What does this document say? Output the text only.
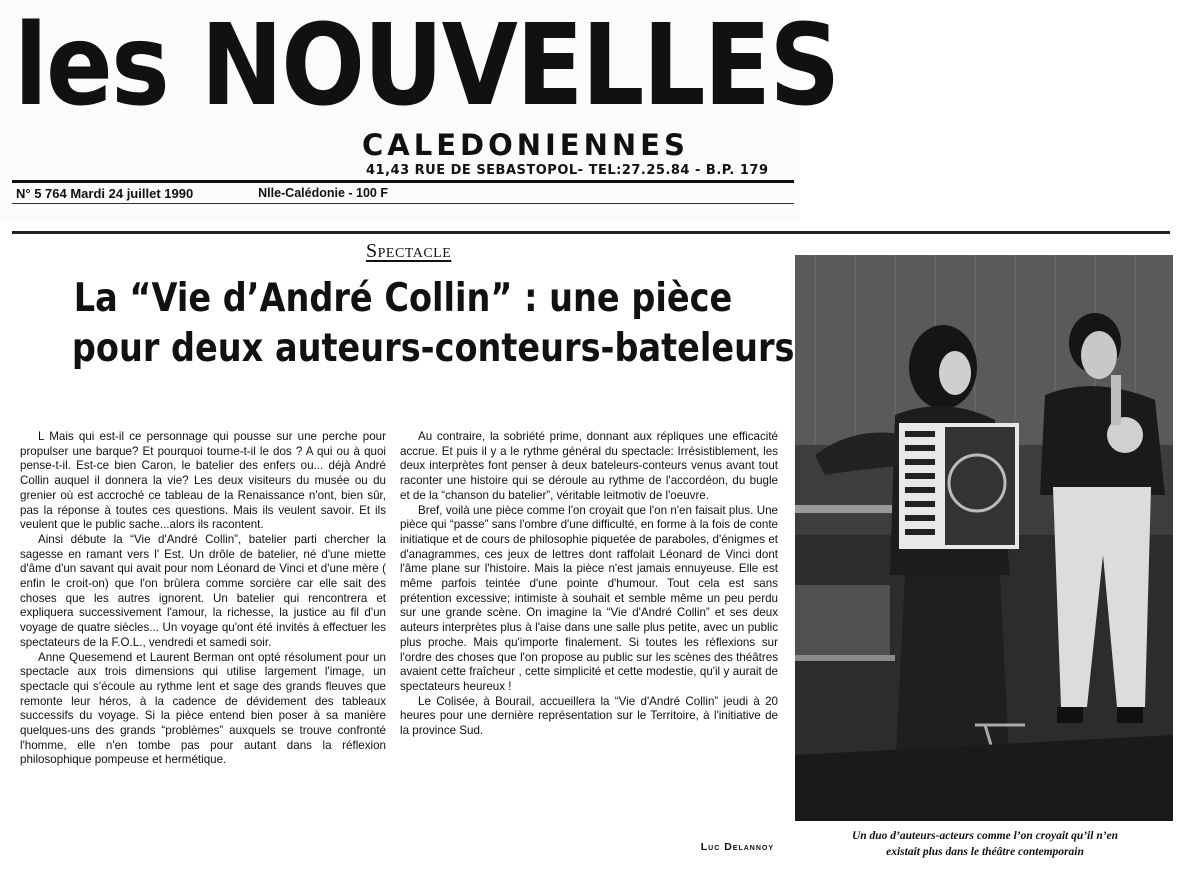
les NOUVELLES
CALEDONIENNES
41,43 RUE DE SEBASTOPOL- TEL:27.25.84 - B.P. 179
N° 5 764 Mardi 24 juillet 1990	Nlle-Calédonie - 100 F
Spectacle
La “Vie d’André Collin” : une pièce
pour deux auteurs-conteurs-bateleurs

L Mais qui est-il ce personnage qui pousse sur une perche pour propulser une barque? Et pourquoi tourne-t-il le dos ? A qui ou à quoi pense-t-il. Est-ce bien Caron, le batelier des enfers ou... déjà André Collin auquel il donnera la vie? Les deux visiteurs du musée ou du grenier où est accroché ce tableau de la Renaissance n'ont, bien sûr, pas la réponse à toutes ces questions. Mais ils veulent savoir. Et ils veulent que le public sache...alors ils racontent.

Ainsi débute la “Vie d'André Collin”, batelier parti chercher la sagesse en ramant vers l' Est. Un drôle de batelier, né d'une miette d'âme d'un savant qui avait pour nom Léonard de Vinci et d'une mère ( enfin le croit-on) que l'on brûlera comme sorcière car elle sait des choses que les autres ignorent. Un batelier qui rencontrera et expliquera successivement l'amour, la richesse, la justice au fil d'un voyage de quatre siècles... Un voyage qu'ont été invités à effectuer les spectateurs de la F.O.L., vendredi et samedi soir.

Anne Quesemend et Laurent Berman ont opté résolument pour un spectacle aux trois dimensions qui utilise largement l'image, un spectacle qui s'écoule au rythme lent et sage des grands fleuves que remonte leur héros, à la cadence de dévidement des tableaux successifs du voyage. Si la pièce entend bien poser à sa manière quelques-uns des grands “problèmes” auxquels se trouve confronté l'homme, elle n'en tombe pas pour autant dans la réflexion philosophique pompeuse et hermétique.

Au contraire, la sobriété prime, donnant aux répliques une efficacité accrue. Et puis il y a le rythme général du spectacle: Irrésistiblement, les deux interprètes font penser à deux bateleurs-conteurs venus avant tout raconter une histoire qui se déroule au rythme de l'accordéon, du bugle et de la “chanson du batelier”, véritable leitmotiv de l'oeuvre.

Bref, voilà une pièce comme l'on croyait que l'on n'en faisait plus. Une pièce qui “passe” sans l'ombre d'une difficulté, en forme à la fois de conte initiatique et de cours de philosophie piquetée de paraboles, d'énigmes et d'anagrammes, ces jeux de lettres dont raffolait Léonard de Vinci dont l'âme plane sur l'histoire. Mais la pièce n'est jamais ennuyeuse. Elle est même parfois teintée d'une pointe d'humour. Tout cela est sans prétention excessive; intimiste à souhait et semble même un peu perdu sur une grande scène. On imagine la “Vie d'André Collin” et ses deux auteurs interprètes plus à l'aise dans une salle plus petite, avec un public plus proche. Mais qu'importe finalement. Si toutes les réflexions sur l'ordre des choses que l'on propose au public sur les scènes des théâtres avaient cette fraîcheur , cette simplicité et cette modestie, qu'il y aurait de spectateurs heureux !

Le Colisée, à Bourail, accueillera la “Vie d'André Collin” jeudi à 20 heures pour une dernière représentation sur le Territoire, à l'initiative de la province Sud.

Luc Delannoy
Un duo d’auteurs-acteurs comme l’on croyait qu’il n’en
existait plus dans le théâtre contemporain
